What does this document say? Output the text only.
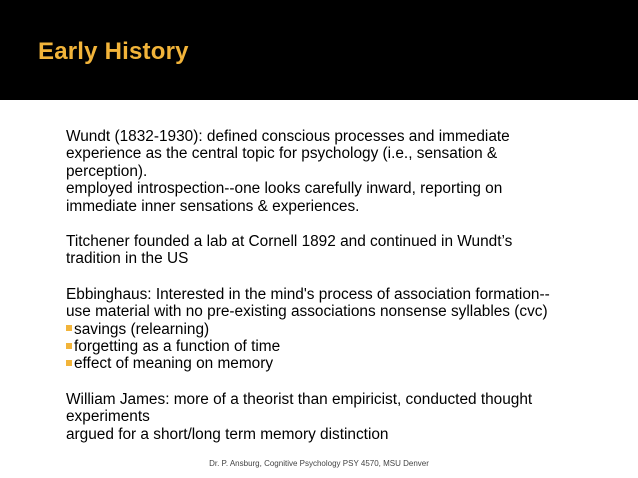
Early History
Wundt (1832-1930): defined conscious processes and immediate
experience as the central topic for psychology (i.e., sensation &
perception).
employed introspection--one looks carefully inward, reporting on
immediate inner sensations & experiences.
Titchener founded a lab at Cornell 1892 and continued in Wundt’s
tradition in the US
Ebbinghaus: Interested in the mind's process of association formation--
use material with no pre-existing associations nonsense syllables (cvc)
savings (relearning)
forgetting as a function of time
effect of meaning on memory
William James: more of a theorist than empiricist, conducted thought
experiments
argued for a short/long term memory distinction
Dr. P. Ansburg, Cognitive Psychology PSY 4570, MSU Denver
